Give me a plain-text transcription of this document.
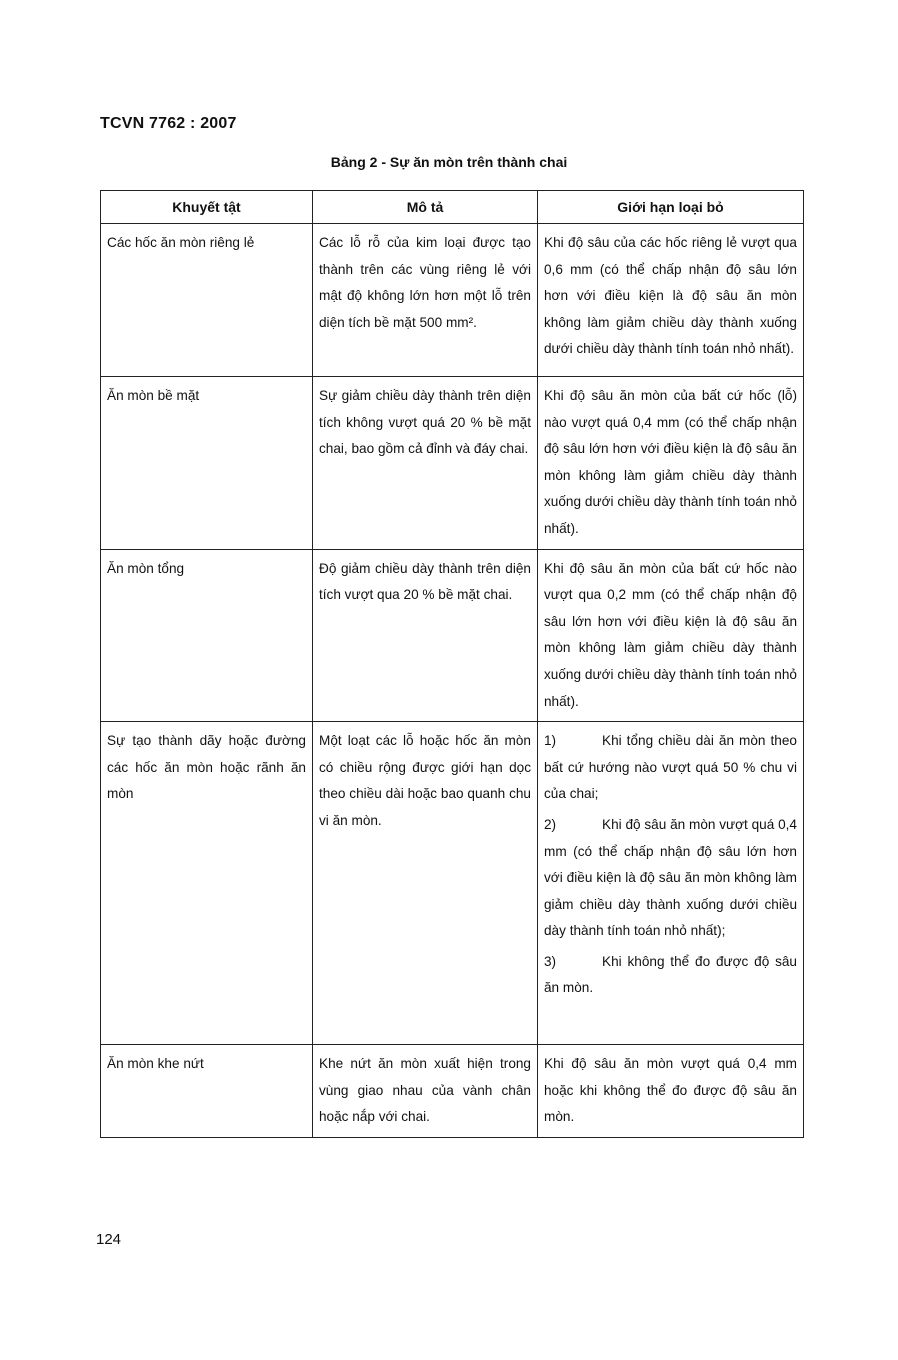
TCVN 7762 : 2007
Bảng 2 - Sự ăn mòn trên thành chai
Khuyết tật	Mô tả	Giới hạn loại bỏ
Các hốc ăn mòn riêng lẻ	Các lỗ rỗ của kim loại được tạo thành trên các vùng riêng lẻ với mật độ không lớn hơn một lỗ trên diện tích bề mặt 500 mm².	Khi độ sâu của các hốc riêng lẻ vượt qua 0,6 mm (có thể chấp nhận độ sâu lớn hơn với điều kiện là độ sâu ăn mòn không làm giảm chiều dày thành xuống dưới chiều dày thành tính toán nhỏ nhất).
Ăn mòn bề mặt	Sự giảm chiều dày thành trên diện tích không vượt quá 20 % bề mặt chai, bao gồm cả đỉnh và đáy chai.	Khi độ sâu ăn mòn của bất cứ hốc (lỗ) nào vượt quá 0,4 mm (có thể chấp nhận độ sâu lớn hơn với điều kiện là độ sâu ăn mòn không làm giảm chiều dày thành xuống dưới chiều dày thành tính toán nhỏ nhất).
Ăn mòn tổng	Độ giảm chiều dày thành trên diện tích vượt qua 20 % bề mặt chai.	Khi độ sâu ăn mòn của bất cứ hốc nào vượt qua 0,2 mm (có thể chấp nhận độ sâu lớn hơn với điều kiện là độ sâu ăn mòn không làm giảm chiều dày thành xuống dưới chiều dày thành tính toán nhỏ nhất).
Sự tạo thành dãy hoặc đường các hốc ăn mòn hoặc rãnh ăn mòn	Một loạt các lỗ hoặc hốc ăn mòn có chiều rộng được giới hạn dọc theo chiều dài hoặc bao quanh chu vi ăn mòn.	1) Khi tổng chiều dài ăn mòn theo bất cứ hướng nào vượt quá 50 % chu vi của chai;
2) Khi độ sâu ăn mòn vượt quá 0,4 mm (có thể chấp nhận độ sâu lớn hơn với điều kiện là độ sâu ăn mòn không làm giảm chiều dày thành xuống dưới chiều dày thành tính toán nhỏ nhất);
3) Khi không thể đo được độ sâu ăn mòn.

Ăn mòn khe nứt	Khe nứt ăn mòn xuất hiện trong vùng giao nhau của vành chân hoặc nắp với chai.	Khi độ sâu ăn mòn vượt quá 0,4 mm hoặc khi không thể đo được độ sâu ăn mòn.
124
